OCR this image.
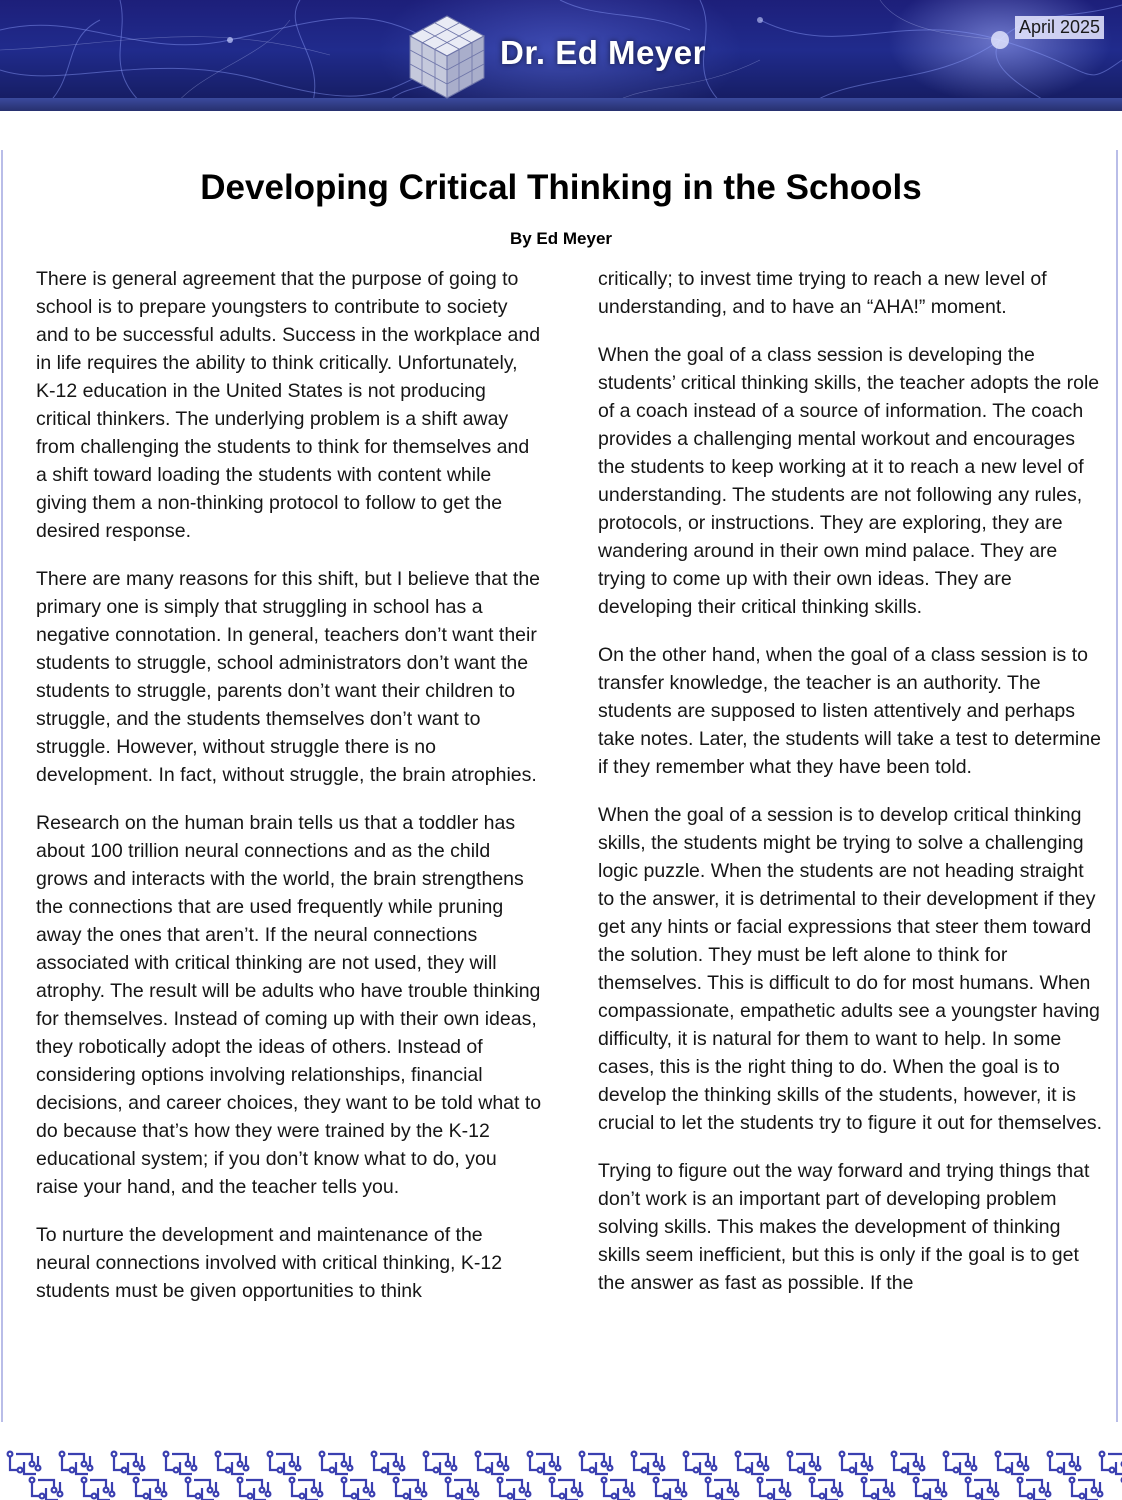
Dr. Ed Meyer
April 2025
Developing Critical Thinking in the Schools
By Ed Meyer

There is general agreement that the purpose of going to school is to prepare youngsters to contribute to society and to be successful adults. Success in the workplace and in life requires the ability to think critically. Unfortunately, K-12 education in the United States is not producing critical thinkers. The underlying problem is a shift away from challenging the students to think for themselves and a shift toward loading the students with content while giving them a non-thinking protocol to follow to get the desired response.

There are many reasons for this shift, but I believe that the primary one is simply that struggling in school has a negative connotation. In general, teachers don’t want their students to struggle, school administrators don’t want the students to struggle, parents don’t want their children to struggle, and the students themselves don’t want to struggle. However, without struggle there is no development. In fact, without struggle, the brain atrophies.

Research on the human brain tells us that a toddler has about 100 trillion neural connections and as the child grows and interacts with the world, the brain strengthens the connections that are used frequently while pruning away the ones that aren’t. If the neural connections associated with critical thinking are not used, they will atrophy. The result will be adults who have trouble thinking for themselves. Instead of coming up with their own ideas, they robotically adopt the ideas of others. Instead of considering options involving relationships, financial decisions, and career choices, they want to be told what to do because that’s how they were trained by the K-12 educational system; if you don’t know what to do, you raise your hand, and the teacher tells you.

To nurture the development and maintenance of the neural connections involved with critical thinking, K-12 students must be given opportunities to think

critically; to invest time trying to reach a new level of understanding, and to have an “AHA!” moment.

When the goal of a class session is developing the students’ critical thinking skills, the teacher adopts the role of a coach instead of a source of information. The coach provides a challenging mental workout and encourages the students to keep working at it to reach a new level of understanding. The students are not following any rules, protocols, or instructions. They are exploring, they are wandering around in their own mind palace. They are trying to come up with their own ideas. They are developing their critical thinking skills.

On the other hand, when the goal of a class session is to transfer knowledge, the teacher is an authority. The students are supposed to listen attentively and perhaps take notes. Later, the students will take a test to determine if they remember what they have been told.

When the goal of a session is to develop critical thinking skills, the students might be trying to solve a challenging logic puzzle. When the students are not heading straight to the answer, it is detrimental to their development if they get any hints or facial expressions that steer them toward the solution. They must be left alone to think for themselves. This is difficult to do for most humans. When compassionate, empathetic adults see a youngster having difficulty, it is natural for them to want to help. In some cases, this is the right thing to do. When the goal is to develop the thinking skills of the students, however, it is crucial to let the students try to figure it out for themselves.

Trying to figure out the way forward and trying things that don’t work is an important part of developing problem solving skills. This makes the development of thinking skills seem inefficient, but this is only if the goal is to get the answer as fast as possible. If the
